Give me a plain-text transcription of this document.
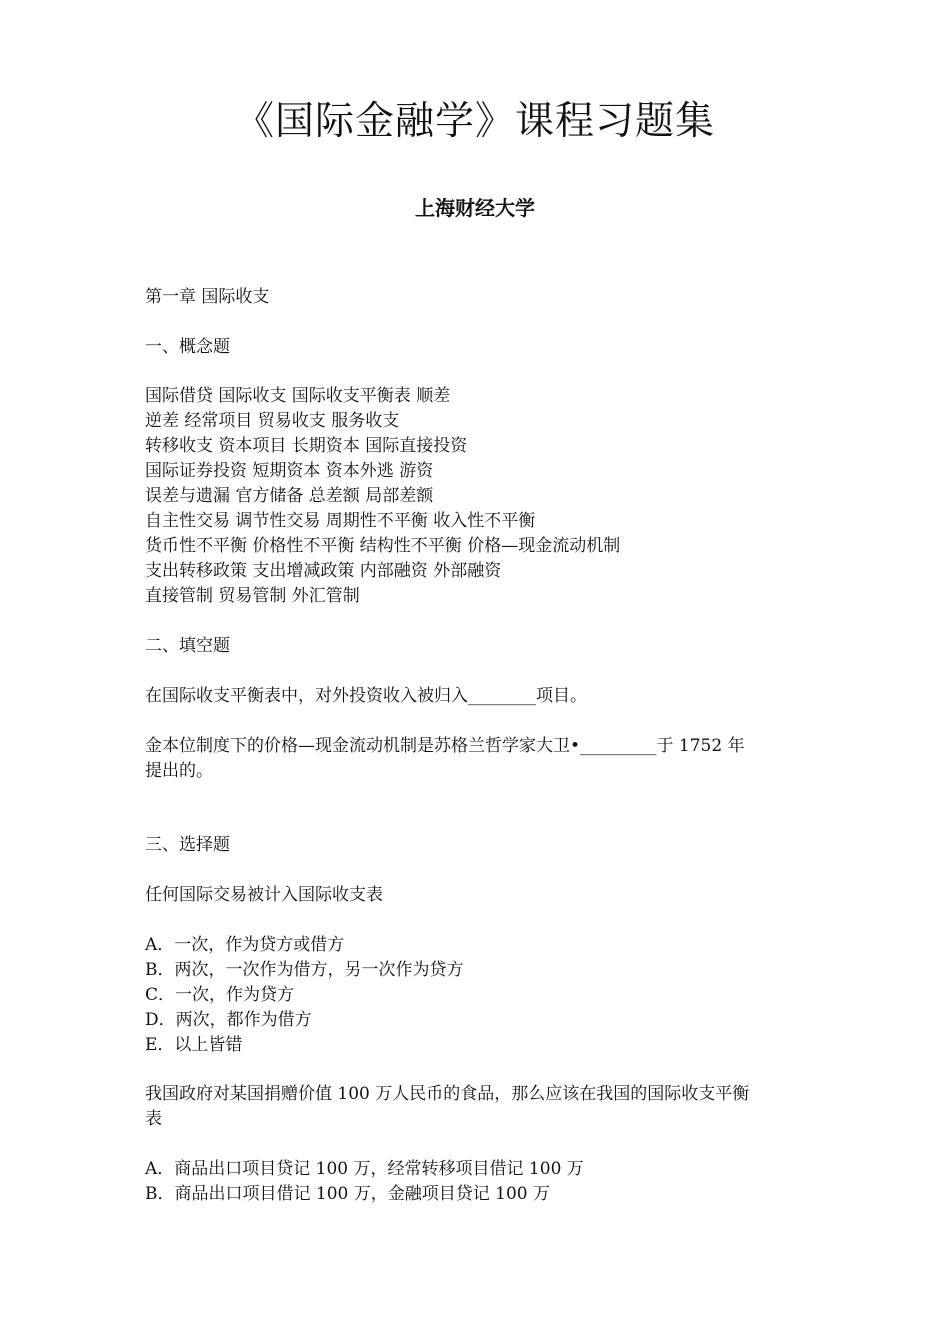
《国际金融学》课程习题集
上海财经大学
第一章 国际收支
一、概念题
国际借贷 国际收支 国际收支平衡表 顺差
逆差 经常项目 贸易收支 服务收支
转移收支 资本项目 长期资本 国际直接投资
国际证券投资 短期资本 资本外逃 游资
误差与遗漏 官方储备 总差额 局部差额
自主性交易 调节性交易 周期性不平衡 收入性不平衡
货币性不平衡 价格性不平衡 结构性不平衡 价格—现金流动机制
支出转移政策 支出增减政策 内部融资 外部融资
直接管制 贸易管制 外汇管制
二、填空题
在国际收支平衡表中，对外投资收入被归入________项目。
金本位制度下的价格—现金流动机制是苏格兰哲学家大卫•_________于 1752 年
提出的。
三、选择题
任何国际交易被计入国际收支表
A．一次，作为贷方或借方
B．两次，一次作为借方，另一次作为贷方
C．一次，作为贷方
D．两次，都作为借方
E．以上皆错
我国政府对某国捐赠价值 100 万人民币的食品，那么应该在我国的国际收支平衡
表
A．商品出口项目贷记 100 万，经常转移项目借记 100 万
B．商品出口项目借记 100 万，金融项目贷记 100 万
